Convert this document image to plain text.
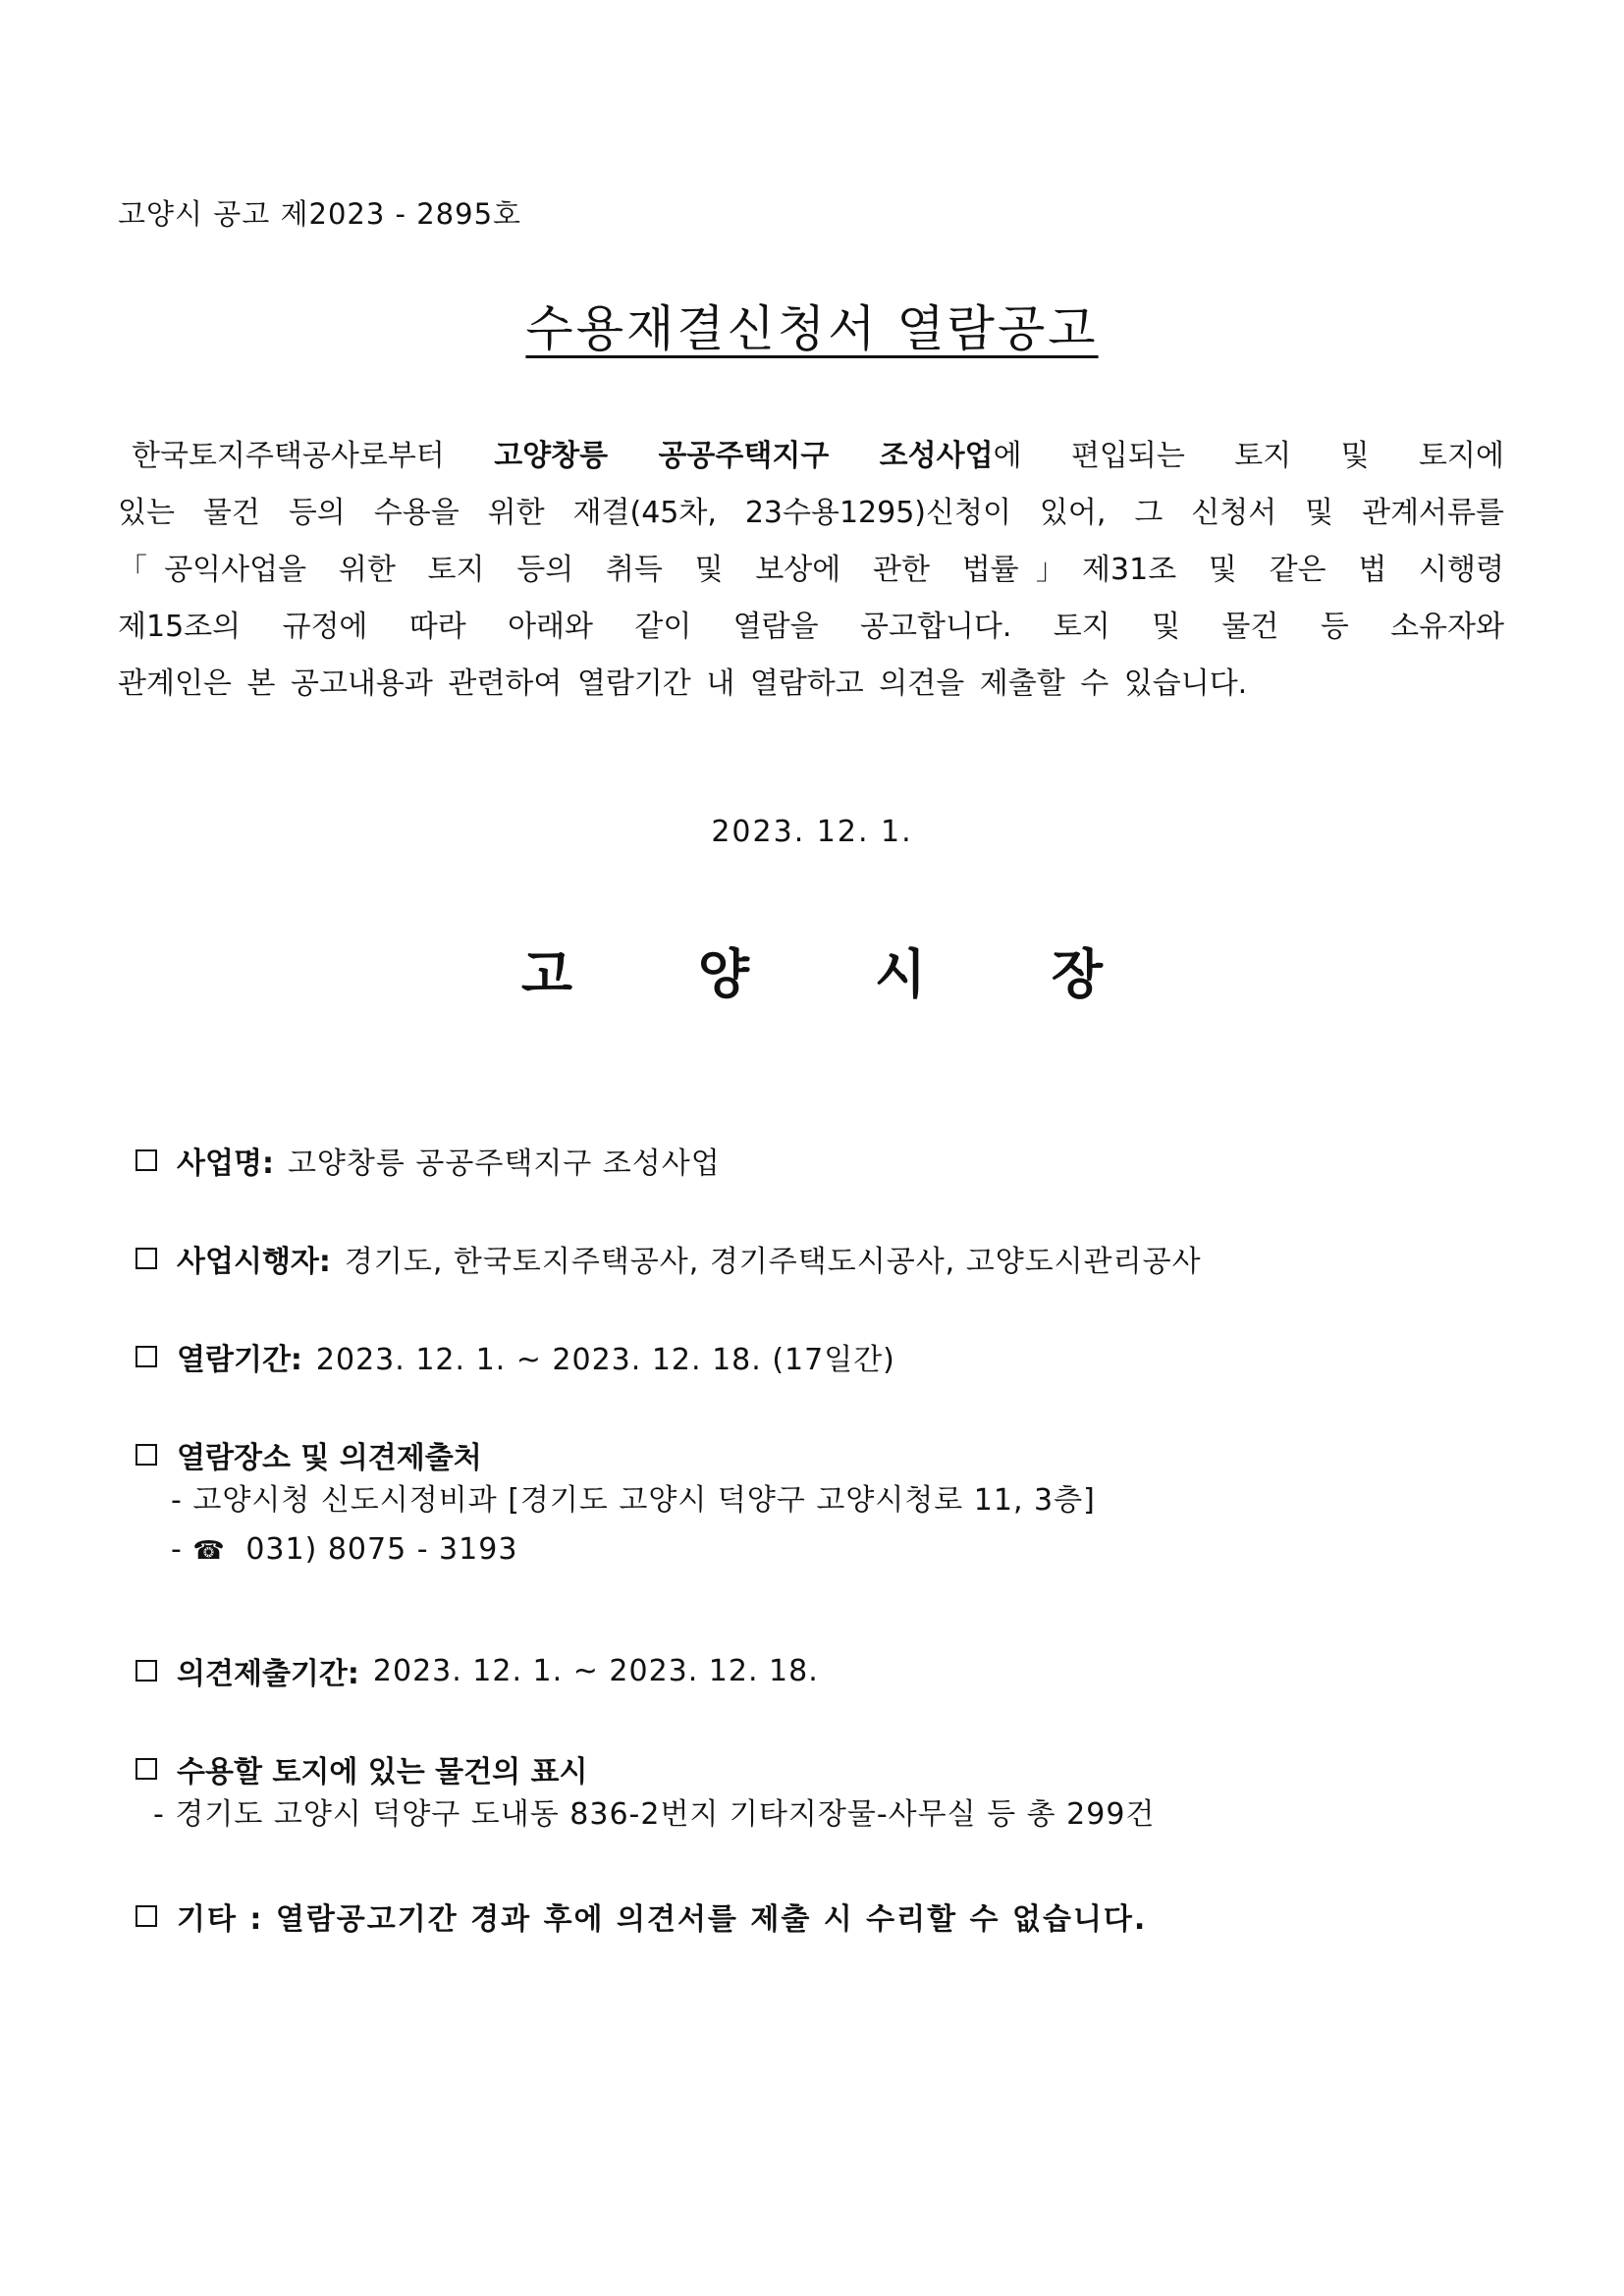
고양시 공고 제2023 - 2895호
수용재결신청서 열람공고
한국토지주택공사로부터 고양창릉 공공주택지구 조성사업에 편입되는 토지 및 토지에
있는 물건 등의 수용을 위한 재결(45차, 23수용1295)신청이 있어, 그 신청서 및 관계서류를
「공익사업을 위한 토지 등의 취득 및 보상에 관한 법률」제31조 및 같은 법 시행령
제15조의 규정에 따라 아래와 같이 열람을 공고합니다. 토지 및 물건 등 소유자와
관계인은 본 공고내용과 관련하여 열람기간 내 열람하고 의견을 제출할 수 있습니다.
2023. 12. 1.
고	양	시	장
사업명: 고양창릉 공공주택지구 조성사업
사업시행자: 경기도, 한국토지주택공사, 경기주택도시공사, 고양도시관리공사
열람기간: 2023. 12. 1. ~ 2023. 12. 18. (17일간)
열람장소 및 의견제출처
- 고양시청 신도시정비과 [경기도 고양시 덕양구 고양시청로 11, 3층]
- ☎ 031) 8075 - 3193
의견제출기간: 2023. 12. 1. ~ 2023. 12. 18.
수용할 토지에 있는 물건의 표시
- 경기도 고양시 덕양구 도내동 836-2번지 기타지장물-사무실 등 총 299건
기타 : 열람공고기간 경과 후에 의견서를 제출 시 수리할 수 없습니다.
